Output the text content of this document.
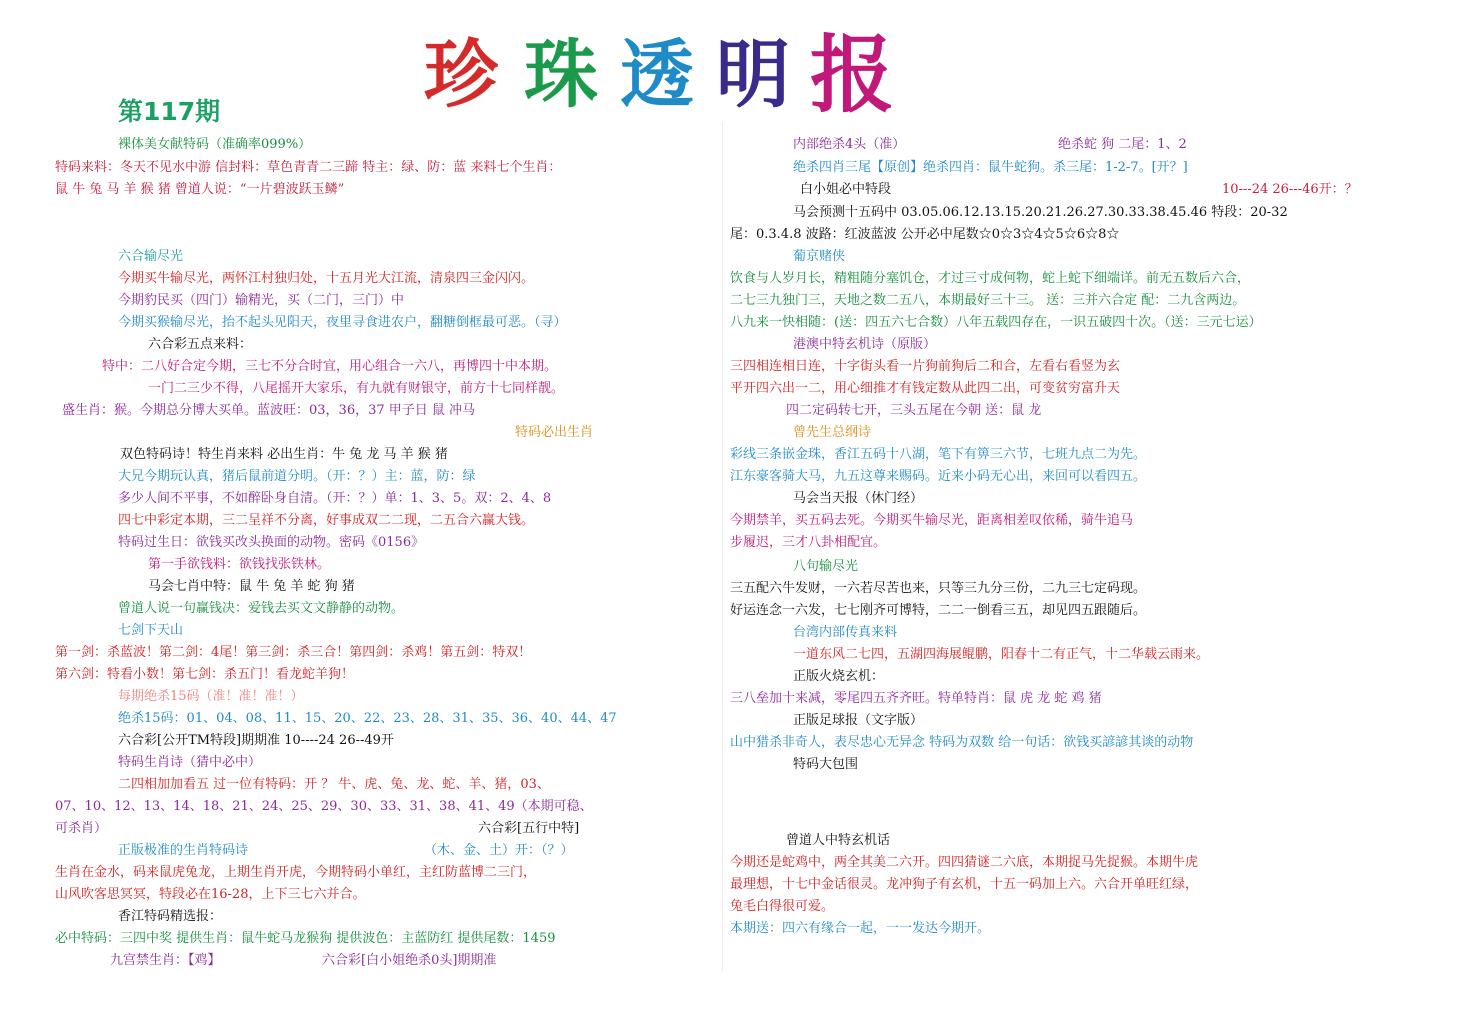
珍 珠 透 明 报
第117期
裸体美女献特码（准确率099%）
特码来料：冬天不见水中游 信封料：草色青青二三蹄 特主：绿、防：蓝 来料七个生肖：
鼠 牛 兔 马 羊 猴 猪 曾道人说：“一片碧波跃玉鳞”
六合输尽光
今期买牛输尽光，两怀江村独归处，十五月光大江流，清泉四三金闪闪。
今期豹民买（四门）输精光，买（二门，三门）中
今期买猴输尽光，抬不起头见阳天，夜里寻食进农户，翻糖倒框最可恶。（寻）
六合彩五点来料：
特中：二八好合定今期，三七不分合时宜，用心组合一六八，再博四十中本期。
一门二三少不得，八尾摇开大家乐，有九就有财银守，前方十七同样靓。
盛生肖：猴。今期总分博大买单。蓝波旺：03，36，37 甲子日 鼠 冲马
特码必出生肖
双色特码诗！特生肖来料 必出生肖：牛 兔 龙 马 羊 猴 猪
大兄今期玩认真，猪后鼠前道分明。（开：？）主：蓝，防：绿
多少人间不平事，不如醉卧身自清。（开：？）单：1、3、5。双：2、4、8
四七中彩定本期，三二呈祥不分离，好事成双二二现，二五合六赢大钱。
特码过生日：欲钱买改头换面的动物。密码《0156》
第一手欲钱料：欲钱找张铁林。
马会七肖中特：鼠 牛 兔 羊 蛇 狗 猪
曾道人说一句赢钱决：爱钱去买文文静静的动物。
七剑下天山
第一剑：杀蓝波！第二剑：4尾！第三剑：杀三合！第四剑：杀鸡！第五剑：特双！
第六剑：特看小数！第七剑：杀五门！看龙蛇羊狗！
每期绝杀15码（准！准！准！）
绝杀15码：01、04、08、11、15、20、22、23、28、31、35、36、40、44、47
六合彩[公开TM特段]期期准 10----24 26--49开
特码生肖诗（猜中必中）
二四相加加看五 过一位有特码：开 ？ 牛、虎、兔、龙、蛇、羊、猪，03、
07、10、12、13、14、18、21、24、25、29、30、33、31、38、41、49（本期可稳、
可杀肖）	六合彩[五行中特]
正版极准的生肖特码诗	（木、金、土）开：（？）
生肖在金水，码来鼠虎兔龙，上期生肖开虎，今期特码小单红，主红防蓝博二三门，
山风吹客思冥冥，特段必在16-28，上下三七六并合。
香江特码精选报：
必中特码：三四中奖 提供生肖：鼠牛蛇马龙猴狗 提供波色：主蓝防红 提供尾数：1459
九宫禁生肖：【鸡】	六合彩[白小姐绝杀0头]期期准
内部绝杀4头（准）	绝杀蛇 狗 二尾：1、2
绝杀四肖三尾【原创】绝杀四肖：鼠牛蛇狗。杀三尾：1-2-7。[开？]
白小姐必中特段	10---24 26---46开：？
马会预测十五码中 03.05.06.12.13.15.20.21.26.27.30.33.38.45.46 特段：20-32
尾：0.3.4.8 波路：红波蓝波 公开必中尾数☆0☆3☆4☆5☆6☆8☆
葡京赌侠
饮食与人岁月长，精粗随分塞饥仓，才过三寸成何物，蛇上蛇下细端详。前无五数后六合，
二七三九独门三，天地之数二五八，本期最好三十三。 送：三并六合定 配：二九含两边。
八九来一快相随：(送：四五六七合数）八年五载四存在，一识五破四十次。（送：三元七运）
港澳中特玄机诗（原版）
三四相连相日连，十字街头看一片狗前狗后二和合，左看右看竖为玄
平开四六出一二，用心细推才有钱定数从此四二出，可变贫穷富升天
四二定码转七开，三头五尾在今朝 送：鼠 龙
曾先生总纲诗
彩线三条嵌金珠，香江五码十八湖，笔下有箅三六节，七班九点二为先。
江东豪客骑大马，九五这尊来赐码。近来小码无心出，来回可以看四五。
马会当天报（休门经）
今期禁羊，买五码去死。今期买牛输尽光，距离相差叹依稀，骑牛追马
步履迟，三才八卦相配宜。
八句输尽光
三五配六牛发财，一六若尽苦也来，只等三九分三份，二九三七定码现。
好运连念一六发，七七刚齐可博特，二二一倒看三五，却见四五跟随后。
台湾内部传真来料
一道东风二七四，五湖四海展鲲鹏，阳春十二有正气，十二华载云雨来。
正版火烧玄机：
三八垒加十来减，零尾四五齐齐旺。特单特肖：鼠 虎 龙 蛇 鸡 猪
正版足球报（文字版）
山中猎杀非奇人，表尽忠心无异念 特码为双数 给一句话：欲钱买諺諺其谈的动物
特码大包围
曾道人中特玄机话
今期还是蛇鸡中，两全其美二六开。四四猜谜二六底，本期捉马先捉猴。本期牛虎
最理想，十七中金话很灵。龙冲狗子有玄机，十五一码加上六。六合开单旺红绿，
兔毛白得很可爱。
本期送：四六有缘合一起，一一发达今期开。
